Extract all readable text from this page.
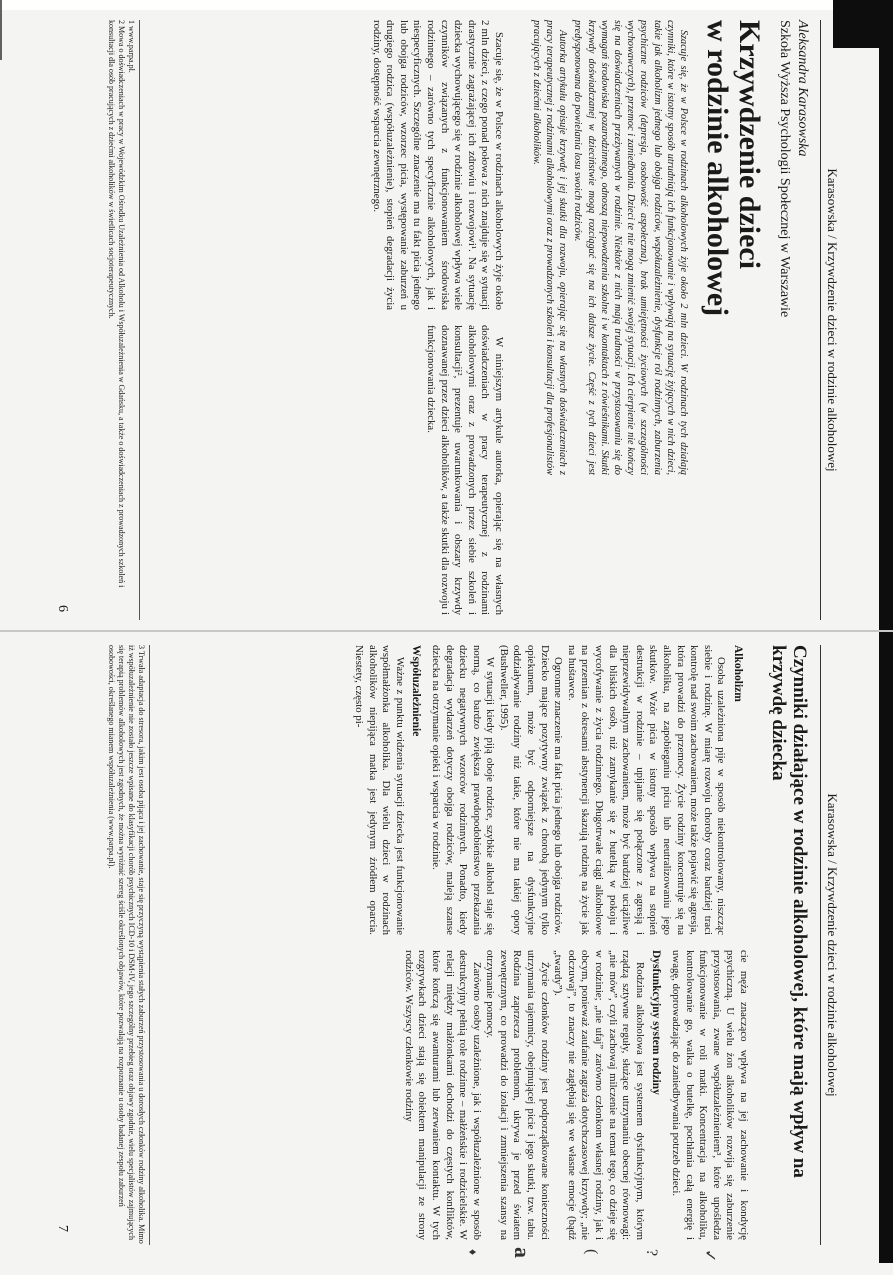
Karasowska / Krzywdzenie dzieci w rodzinie alkoholowej
Aleksandra Karasowska
Szkoła Wyższa Psychologii Społecznej w Warszawie
Krzywdzenie dzieci
w rodzinie alkoholowej

Szacuje się, że w Polsce w rodzinach alkoholowych żyje około 2 mln dzieci. W rodzinach tych działają czynniki, które w istotny sposób utrudniają ich funkcjonowanie i wpływają na sytuację żyjących w nich dzieci, takie jak alkoholizm jednego lub obojga rodziców, współuzależnienie, dysfunkcje ról rodzinnych, zaburzenia psychiczne rodziców (depresja, osobowość aspołeczna), brak umiejętności życiowych (w szczególności wychowawczych), przemoc i zaniedbania. Dzieci te nie mogą zmienić swojej sytuacji. Ich cierpienie nie kończy się na doświadczeniach przeżywanych w rodzinie. Niektóre z nich mają trudności w przystosowaniu się do wymagań środowiska pozarodzinnego, odnoszą niepowodzenia szkolne i w kontaktach z rówieśnikami. Skutki krzywdy doświadczanej w dzieciństwie mogą rozciągać się na ich dalsze życie. Część z tych dzieci jest predysponowana do powielania losu swoich rodziców.

Autorka artykułu opisuje krzywdę i jej skutki dla rozwoju, opierając się na własnych doświadczeniach z pracy terapeutycznej z rodzinami alkoholowymi oraz z prowadzonych szkoleń i konsultacji dla profesjonalistów pracujących z dziećmi alkoholików.

Szacuje się, że w Polsce w rodzinach alkoholowych żyje około 2 mln dzieci, z czego ponad połowa z nich znajduje się w sytuacji drastycznie zagrażającej ich zdrowiu i rozwojowi¹. Na sytuację dziecka wychowującego się w rodzinie alkoholowej wpływa wiele czynników związanych z funkcjonowaniem środowiska rodzinnego – zarówno tych specyficznie alkoholowych, jak i niespecyficznych. Szczególne znaczenie ma tu fakt picia jednego lub obojga rodziców, wzorzec picia, występowanie zaburzeń u drugiego rodzica (współuzależnienie), stopień degradacji życia rodziny, dostępność wsparcia zewnętrznego.

W niniejszym artykule autorka, opierając się na własnych doświadczeniach w pracy terapeutycznej z rodzinami alkoholowymi oraz z prowadzonych przez siebie szkoleń i konsultacji², prezentuje uwarunkowania i obszary krzywdy doznawanej przez dzieci alkoholików, a także skutki dla rozwoju i funkcjonowania dziecka.

1 www.parpa.pl.

2 Mowa o doświadczeniach w pracy w Wojewódzkim Ośrodku Uzależnienia od Alkoholu i Współuzależnienia w Gdańsku, a także o doświadczeniach z prowadzonych szkoleń i konsultacji dla osób pracujących z dziećmi alkoholików w świetlicach socjoterapeutycznych.

6
Karasowska / Krzywdzenie dzieci w rodzinie alkoholowej
Czynniki działające w rodzinie alkoholowej, które mają wpływ na krzywdę dziecka
Alkoholizm

Osoba uzależniona pije w sposób niekontrolowany, niszcząc siebie i rodzinę. W miarę rozwoju choroby coraz bardziej traci kontrolę nad swoim zachowaniem, może także pojawić się agresja, która prowadzi do przemocy. Życie rodziny koncentruje się na alkoholiku, na zapobieganiu piciu lub neutralizowaniu jego skutków. Wzór picia w istotny sposób wpływa na stopień destrukcji w rodzinie – upijanie się połączone z agresją i nieprzewidywalnym zachowaniem, może być bardziej uciążliwe dla bliskich osób, niż zamykanie się z butelką w pokoju i wycofywanie z życia rodzinnego. Długotrwałe ciągi alkoholowe na przemian z okresami abstynencji skazują rodzinę na życie jak na huśtawce.

Ogromne znaczenie ma fakt picia jednego lub obojga rodziców. Dziecko mające pozytywny związek z chorobą jedynym tylko opiekunem, może być odporniejsze na dysfunkcyjne oddziaływanie rodziny niż takie, które nie ma takiej opory (Bushweller, 1995).

W sytuacji kiedy piją oboje rodzice, szybkie alkohol staje się normą, co bardzo zwiększa prawdopodobieństwo przekazania dziecku negatywnych wzorców rodzinnych. Ponadto, kiedy degradacja wydarzeń dotyczy obojga rodziców, maleją szanse dziecka na otrzymanie opieki i wsparcia w rodzinie.

Współuzależnienie

Ważne z punktu widzenia sytuacji dziecka jest funkcjonowanie współmałżonka alkoholika. Dla wielu dzieci w rodzinach alkoholików niepijąca matka jest jedynym źródłem oparcia. Niestety, często pi-

cie męża znacząco wpływa na jej zachowanie i kondycję psychiczną. U wielu żon alkoholików rozwija się zaburzenie przystosowania, zwane współuzależnieniem³, które upośledza funkcjonowanie w roli matki. Koncentracja na alkoholiku, kontrolowanie go, walka o butelkę, pochłania całą energię i uwagę, doprowadzając do zaniedbywania potrzeb dzieci.

Dysfunkcyjny system rodziny

Rodzina alkoholowa jest systemem dysfunkcyjnym, którym rządzą sztywne reguły, służące utrzymaniu obecnej równowagi: „nie mów”, czyli zachowaj milczenie na temat tego, co dzieje się w rodzinie; „nie ufaj” zarówno członkom własnej rodziny, jak i obcym, ponieważ zaufanie zagraża dotychczasowej krzywdy; „nie odczuwaj”, to znaczy nie zagłębiaj się we własne emocje (bądź „twardy”).

Życie członków rodziny jest podporządkowane konieczności utrzymania tajemnicy, obejmującej picie i jego skutki, tzw. tabu. Rodzina zaprzecza problemom, ukrywa je przed światem zewnętrznym, co prowadzi do izolacji i zmniejszenia szansy na otrzymanie pomocy.

Zarówno osoby uzależnione, jak i współuzależnione w sposób destrukcyjny pełnią role rodzinne – małżeńskie i rodzicielskie. W relacji między małżonkami dochodzi do częstych konfliktów, które kończą się awanturami lub zerwaniem kontaktu. W tych rozgrywkach dzieci stają się obiektem manipulacji ze strony rodziców. Wszyscy członkowie rodziny

3 Trwała adaptacja do stresora, jakim jest osoba pijąca i jej zachowanie, staje się przyczyną wystąpienia stałych zaburzeń przystosowania u dorosłych członków rodziny alkoholika. Mimo iż współuzależnienie nie zostało jeszcze wpisane do klasyfikacji chorób psychicznych ICD-10 i DSM-IV, jego szczególny przebieg oraz objawy zgodnie, wielu specjalistów zajmujących się terapią problemów alkoholowych jest zgodnych, że można wyróżnić szereg ściśle określonych objawów, które pozwalają na rozpoznanie u osoby badanej zespołu zaburzeń osobowości, określanego mianem współuzależnienia (www.parpa.pl).

✓
?
(
a
♦
7
